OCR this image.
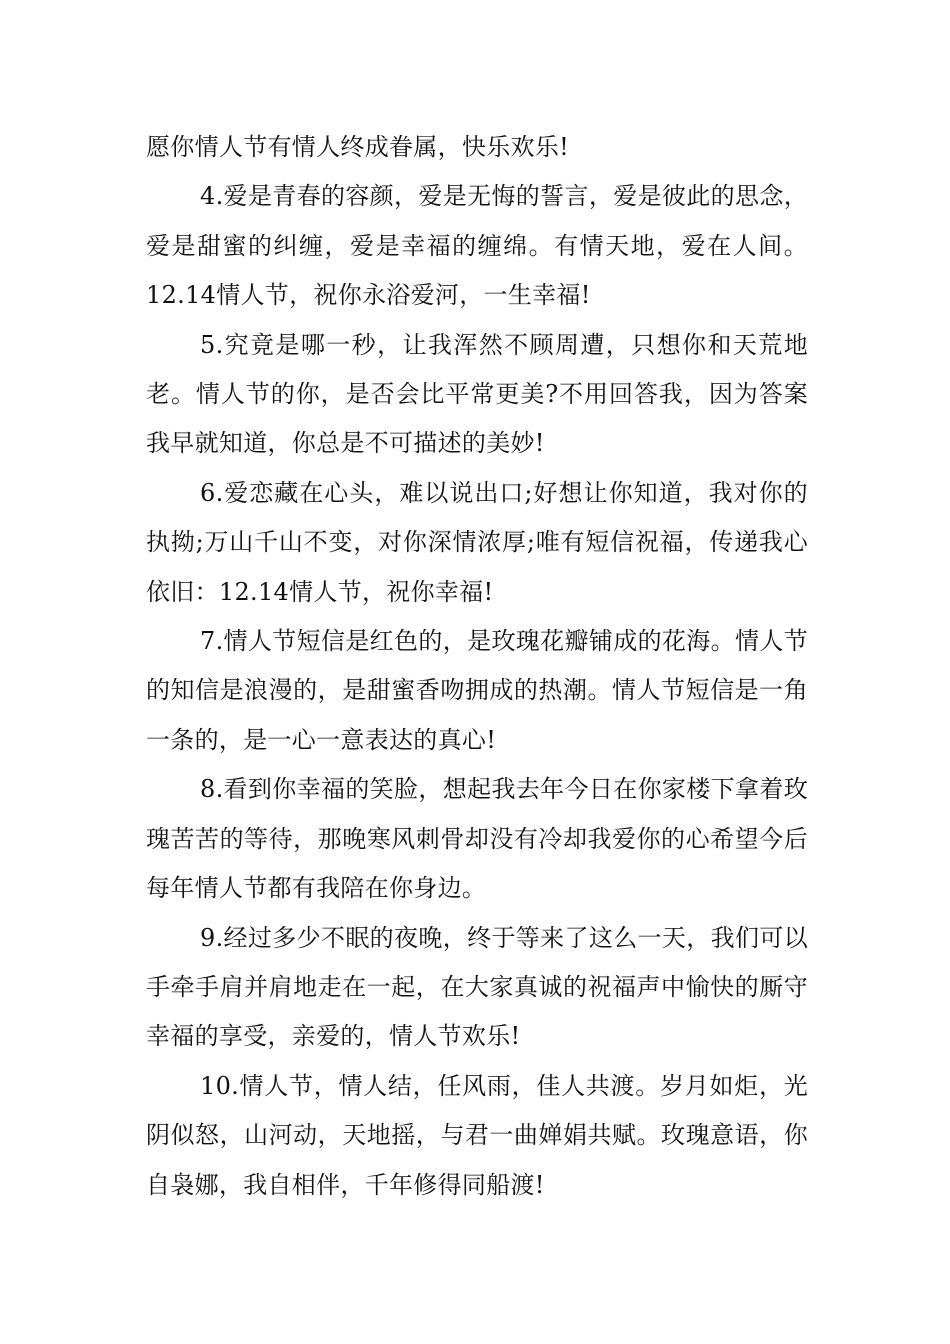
愿你情人节有情人终成眷属，快乐欢乐!

4.爱是青春的容颜，爱是无悔的誓言，爱是彼此的思念，爱是甜蜜的纠缠，爱是幸福的缠绵。有情天地，爱在人间。12.14情人节，祝你永浴爱河，一生幸福!

5.究竟是哪一秒，让我浑然不顾周遭，只想你和天荒地老。情人节的你，是否会比平常更美?不用回答我，因为答案我早就知道，你总是不可描述的美妙!

6.爱恋藏在心头，难以说出口;好想让你知道，我对你的执拗;万山千山不变，对你深情浓厚;唯有短信祝福，传递我心依旧：12.14情人节，祝你幸福!

7.情人节短信是红色的，是玫瑰花瓣铺成的花海。情人节的知信是浪漫的，是甜蜜香吻拥成的热潮。情人节短信是一角一条的，是一心一意表达的真心!

8.看到你幸福的笑脸，想起我去年今日在你家楼下拿着玫瑰苦苦的等待，那晚寒风刺骨却没有冷却我爱你的心希望今后每年情人节都有我陪在你身边。

9.经过多少不眠的夜晚，终于等来了这么一天，我们可以手牵手肩并肩地走在一起，在大家真诚的祝福声中愉快的厮守幸福的享受，亲爱的，情人节欢乐!

10.情人节，情人结，任风雨，佳人共渡。岁月如炬，光阴似怒，山河动，天地摇，与君一曲婵娟共赋。玫瑰意语，你自袅娜，我自相伴，千年修得同船渡!
